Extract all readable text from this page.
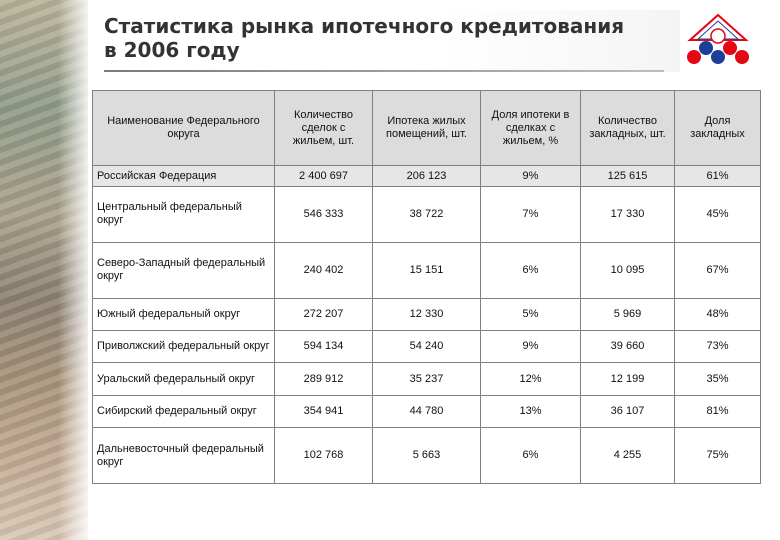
Статистика рынка ипотечного кредитования
в 2006 году
Наименование Федерального округа	Количество сделок с жильем, шт.	Ипотека жилых помещений, шт.	Доля ипотеки в сделках с жильем, %	Количество закладных, шт.	Доля закладных
Российская Федерация	2 400 697	206 123	9%	125 615	61%
Центральный федеральный округ	546 333	38 722	7%	17 330	45%
Северо-Западный федеральный округ	240 402	15 151	6%	10 095	67%
Южный федеральный округ	272 207	12 330	5%	5 969	48%
Приволжский федеральный округ	594 134	54 240	9%	39 660	73%
Уральский федеральный округ	289 912	35 237	12%	12 199	35%
Сибирский федеральный округ	354 941	44 780	13%	36 107	81%
Дальневосточный федеральный округ	102 768	5 663	6%	4 255	75%
